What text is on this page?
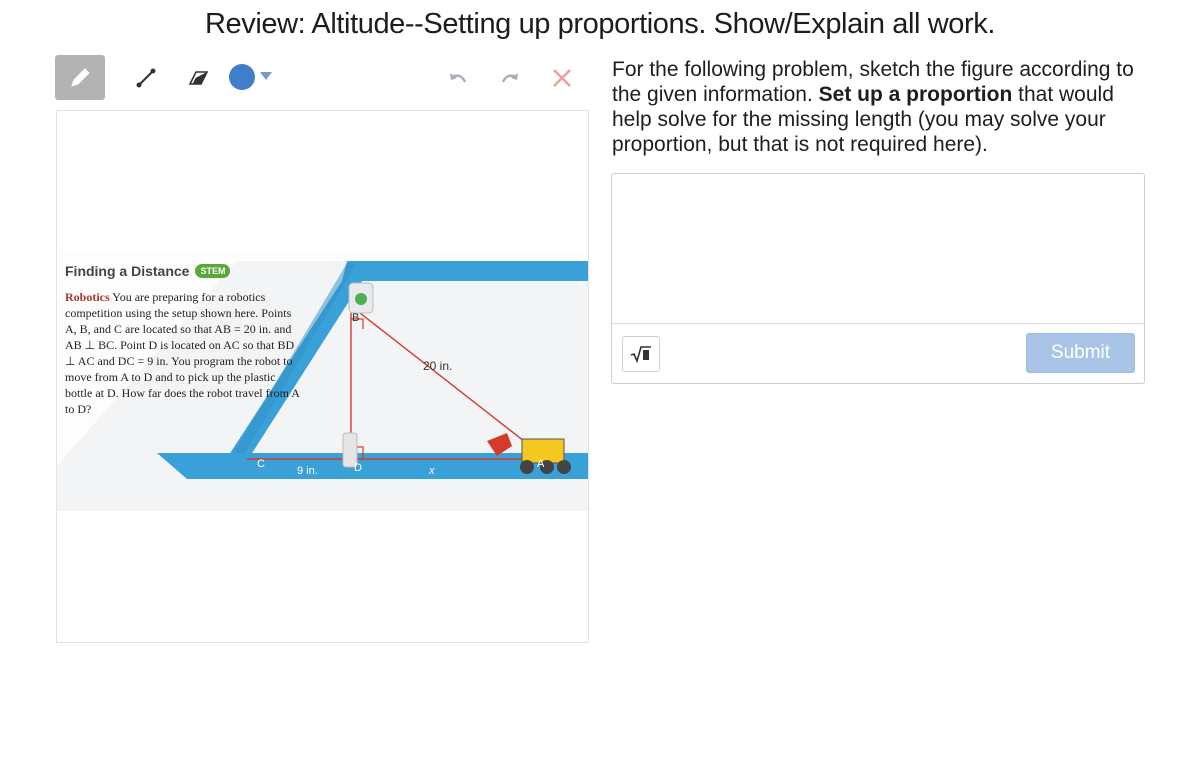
Review: Altitude--Setting up proportions. Show/Explain all work.
B
C	D	A
x
20 in.
9 in.
Finding a Distance	STEM
Robotics You are preparing for a robotics competition using the setup shown here. Points A, B, and C are located so that AB = 20 in. and AB ⊥ BC. Point D is located on AC so that BD ⊥ AC and DC = 9 in. You program the robot to move from A to D and to pick up the plastic bottle at D. How far does the robot travel from A to D?
For the following problem, sketch the figure according to the given information. Set up a proportion that would help solve for the missing length (you may solve your proportion, but that is not required here).
Submit
